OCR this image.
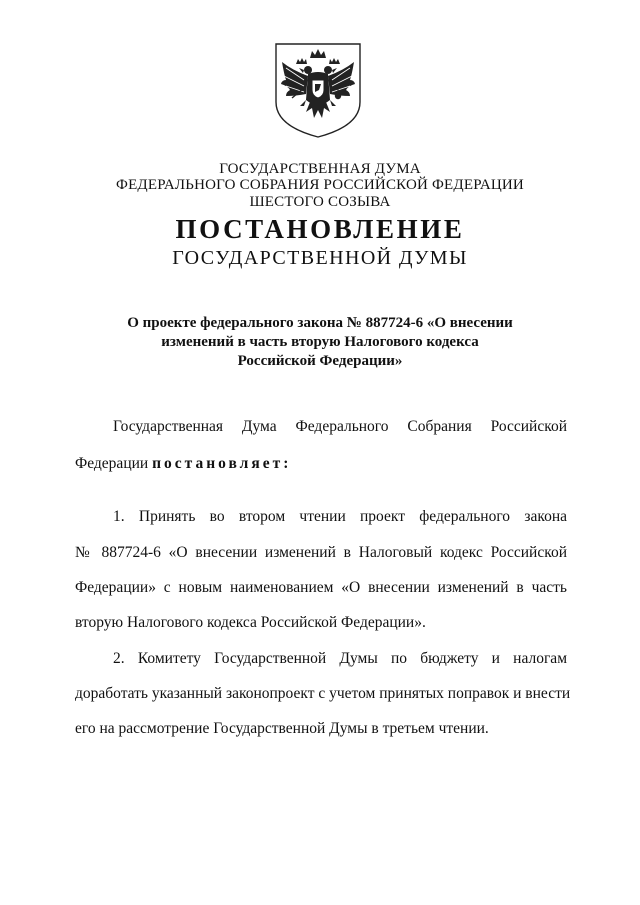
ГОСУДАРСТВЕННАЯ ДУМА
ФЕДЕРАЛЬНОГО СОБРАНИЯ РОССИЙСКОЙ ФЕДЕРАЦИИ
ШЕСТОГО СОЗЫВА
ПОСТАНОВЛЕНИЕ
ГОСУДАРСТВЕННОЙ ДУМЫ
О проекте федерального закона № 887724-6 «О внесении
изменений в часть вторую Налогового кодекса
Российской Федерации»
Государственная Дума Федерального Собрания Российской
Федерации постановляет:
1. Принять во втором чтении проект федерального закона
№ 887724-6 «О внесении изменений в Налоговый кодекс Российской
Федерации» с новым наименованием «О внесении изменений в часть
вторую Налогового кодекса Российской Федерации».
2. Комитету Государственной Думы по бюджету и налогам
доработать указанный законопроект с учетом принятых поправок и внести
его на рассмотрение Государственной Думы в третьем чтении.
